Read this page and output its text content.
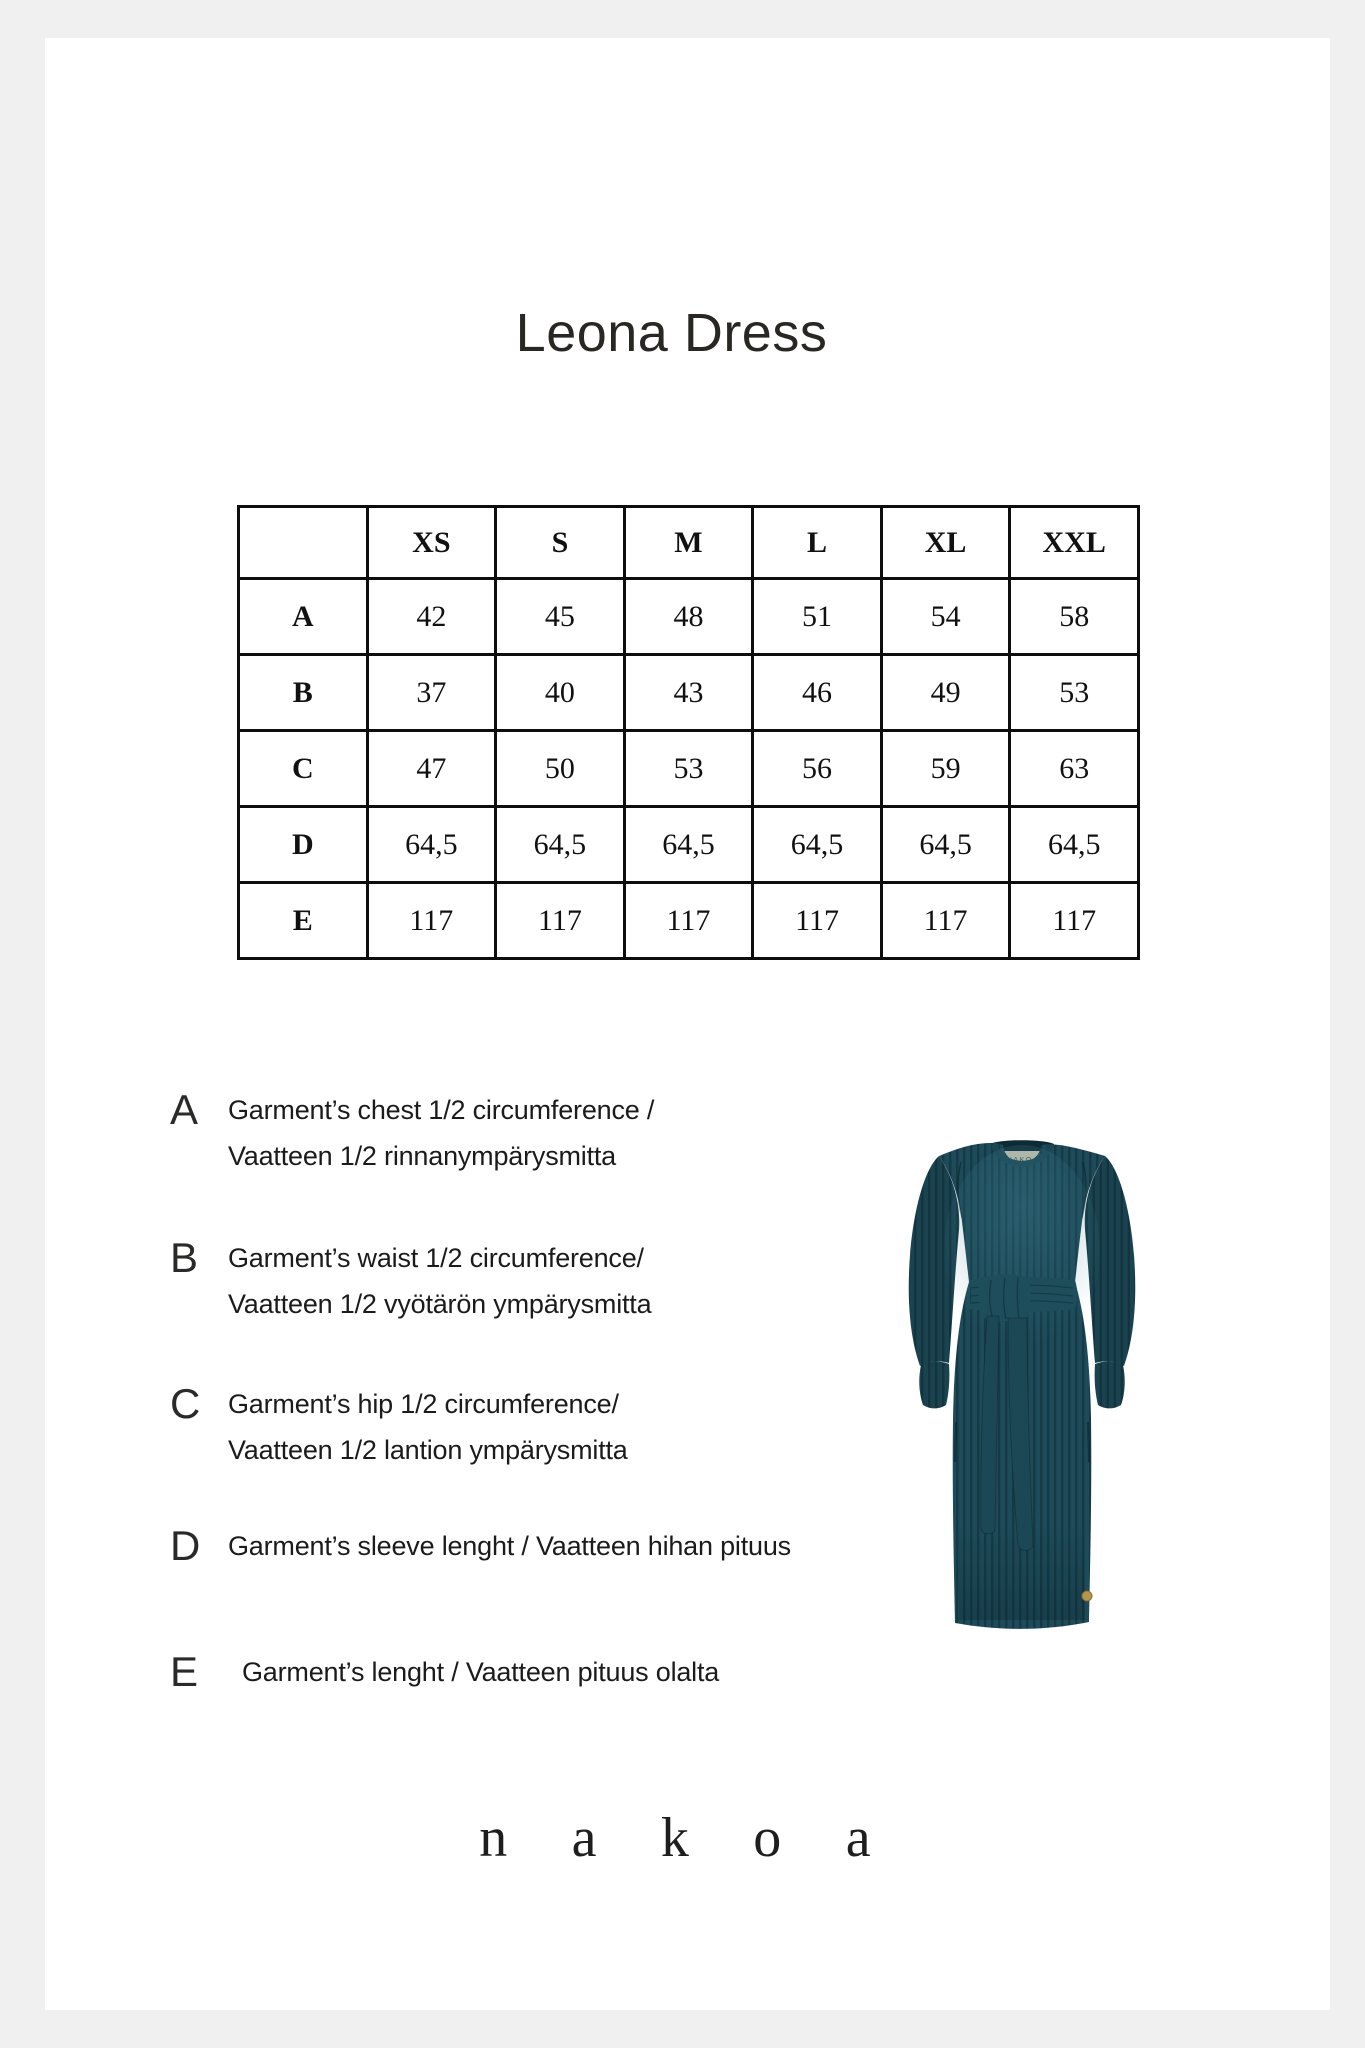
Leona Dress
	XS	S	M	L	XL	XXL
A	42	45	48	51	54	58
B	37	40	43	46	49	53
C	47	50	53	56	59	63
D	64,5	64,5	64,5	64,5	64,5	64,5
E	117	117	117	117	117	117
A	Garment’s chest 1/2 circumference /
Vaatteen 1/2 rinnanympärysmitta
B	Garment’s waist 1/2 circumference/
Vaatteen 1/2 vyötärön ympärysmitta
C	Garment’s hip 1/2 circumference/
Vaatteen 1/2 lantion ympärysmitta
D	Garment’s sleeve lenght / Vaatteen hihan pituus
E	Garment’s lenght / Vaatteen pituus olalta
n a k o a
